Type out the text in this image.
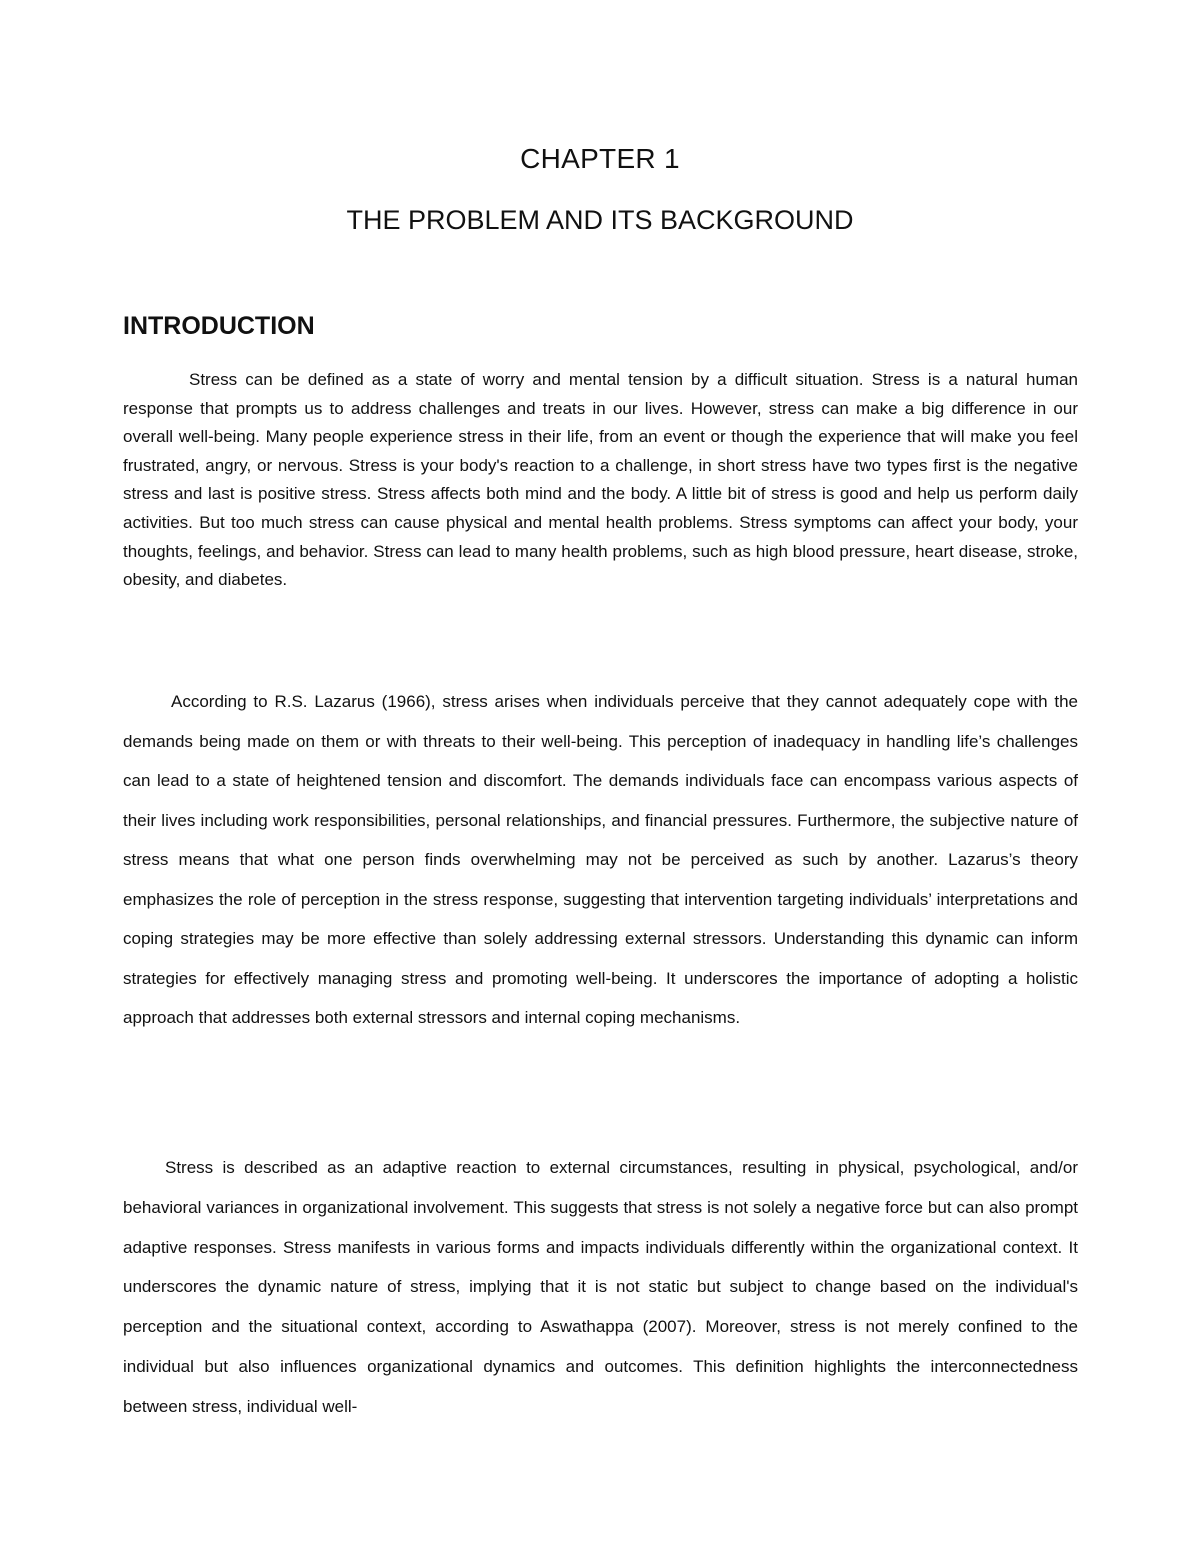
CHAPTER 1
THE PROBLEM AND ITS BACKGROUND
INTRODUCTION

Stress can be defined as a state of worry and mental tension by a difficult situation. Stress is a natural human response that prompts us to address challenges and treats in our lives. However, stress can make a big difference in our overall well-being. Many people experience stress in their life, from an event or though the experience that will make you feel frustrated, angry, or nervous. Stress is your body's reaction to a challenge, in short stress have two types first is the negative stress and last is positive stress. Stress affects both mind and the body. A little bit of stress is good and help us perform daily activities. But too much stress can cause physical and mental health problems. Stress symptoms can affect your body, your thoughts, feelings, and behavior. Stress can lead to many health problems, such as high blood pressure, heart disease, stroke, obesity, and diabetes.

According to R.S. Lazarus (1966), stress arises when individuals perceive that they cannot adequately cope with the demands being made on them or with threats to their well-being. This perception of inadequacy in handling life’s challenges can lead to a state of heightened tension and discomfort. The demands individuals face can encompass various aspects of their lives including work responsibilities, personal relationships, and financial pressures. Furthermore, the subjective nature of stress means that what one person finds overwhelming may not be perceived as such by another. Lazarus’s theory emphasizes the role of perception in the stress response, suggesting that intervention targeting individuals’ interpretations and coping strategies may be more effective than solely addressing external stressors. Understanding this dynamic can inform strategies for effectively managing stress and promoting well-being. It underscores the importance of adopting a holistic approach that addresses both external stressors and internal coping mechanisms.

Stress is described as an adaptive reaction to external circumstances, resulting in physical, psychological, and/or behavioral variances in organizational involvement. This suggests that stress is not solely a negative force but can also prompt adaptive responses. Stress manifests in various forms and impacts individuals differently within the organizational context. It underscores the dynamic nature of stress, implying that it is not static but subject to change based on the individual's perception and the situational context, according to Aswathappa (2007). Moreover, stress is not merely confined to the individual but also influences organizational dynamics and outcomes. This definition highlights the interconnectedness between stress, individual well-
